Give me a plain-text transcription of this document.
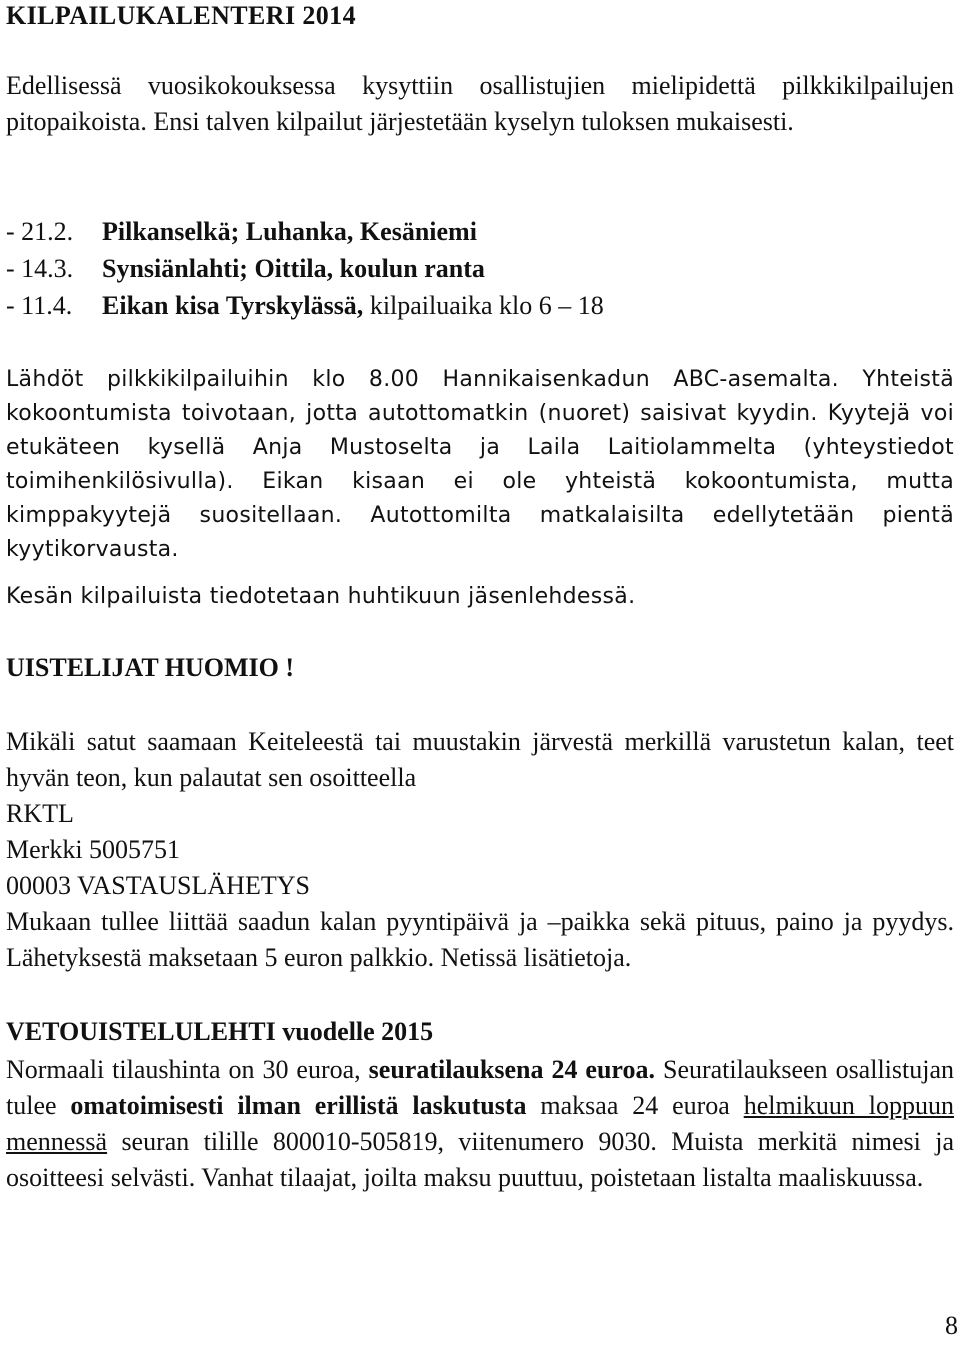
KILPAILUKALENTERI 2014

Edellisessä vuosikokouksessa kysyttiin osallistujien mielipidettä pilkkikilpailujen pitopaikoista. Ensi talven kilpailut järjestetään kyselyn tuloksen mukaisesti.

- 21.2. Pilkanselkä; Luhanka, Kesäniemi

- 14.3. Synsiänlahti; Oittila, koulun ranta

- 11.4. Eikan kisa Tyrskylässä, kilpailuaika klo 6 – 18

Lähdöt pilkkikilpailuihin klo 8.00 Hannikaisenkadun ABC-asemalta. Yhteistä kokoontumista toivotaan, jotta autottomatkin (nuoret) saisivat kyydin. Kyytejä voi etukäteen kysellä Anja Mustoselta ja Laila Laitiolammelta (yhteystiedot toimihenkilösivulla). Eikan kisaan ei ole yhteistä kokoontumista, mutta kimppakyytejä suositellaan. Autottomilta matkalaisilta edellytetään pientä kyytikorvausta.

Kesän kilpailuista tiedotetaan huhtikuun jäsenlehdessä.

UISTELIJAT HUOMIO !

Mikäli satut saamaan Keiteleestä tai muustakin järvestä merkillä varustetun kalan, teet hyvän teon, kun palautat sen osoitteella

RKTL

Merkki 5005751

00003 VASTAUSLÄHETYS

Mukaan tullee liittää saadun kalan pyyntipäivä ja –paikka sekä pituus, paino ja pyydys. Lähetyksestä maksetaan 5 euron palkkio. Netissä lisätietoja.

VETOUISTELULEHTI vuodelle 2015

Normaali tilaushinta on 30 euroa, seuratilauksena 24 euroa. Seuratilaukseen osallistujan tulee omatoimisesti ilman erillistä laskutusta maksaa 24 euroa helmikuun loppuun mennessä seuran tilille 800010-505819, viitenumero 9030. Muista merkitä nimesi ja osoitteesi selvästi. Vanhat tilaajat, joilta maksu puuttuu, poistetaan listalta maaliskuussa.

8
